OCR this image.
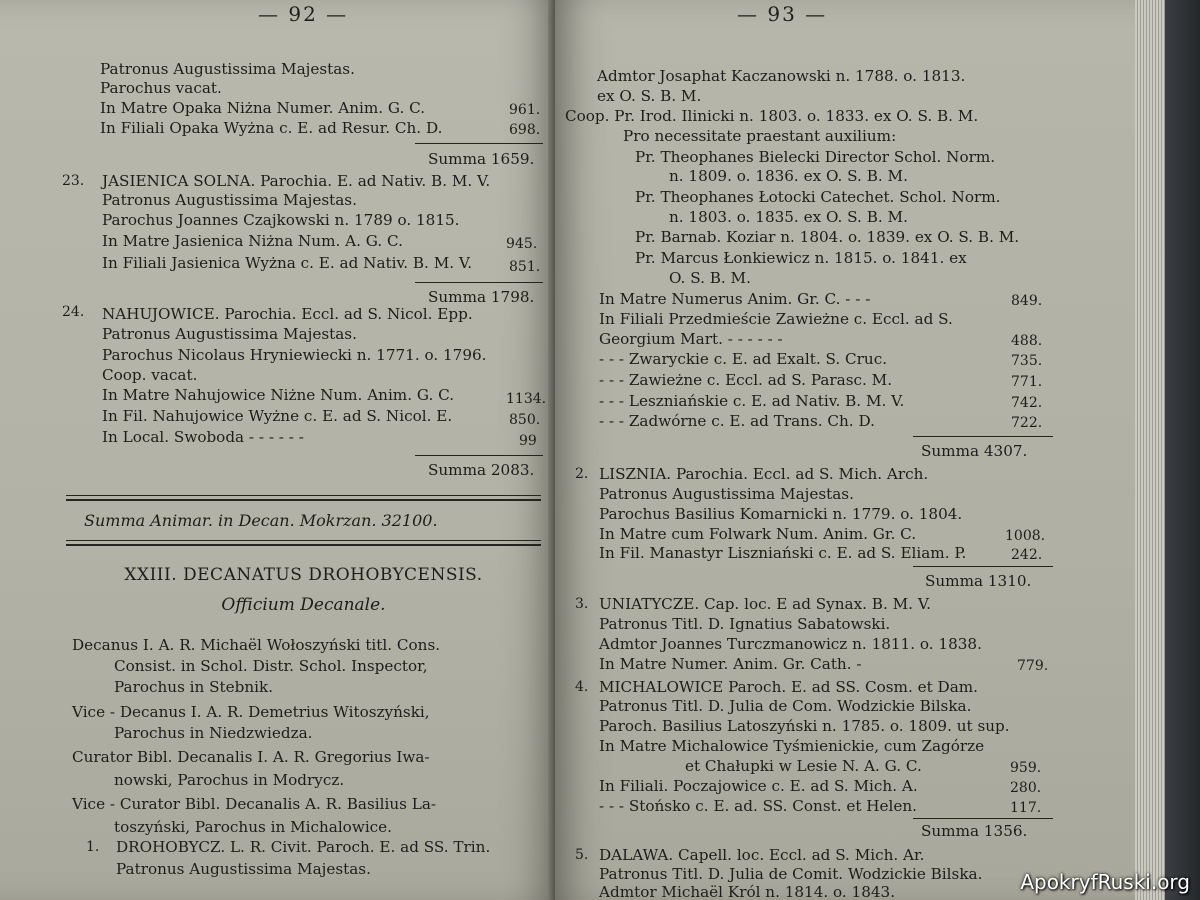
— 92 —
Patronus Augustissima Majestas.
Parochus vacat.
In Matre Opaka Niżna Numer. Anim. G. C.	961.
In Filiali Opaka Wyżna c. E. ad Resur. Ch. D.	698.
Summa 1659.
23. JASIENICA SOLNA. Parochia. E. ad Nativ. B. M. V.
Patronus Augustissima Majestas.
Parochus Joannes Czajkowski n. 1789 o. 1815.
In Matre Jasienica Niżna Num. A. G. C.	945.
In Filiali Jasienica Wyżna c. E. ad Nativ. B. M. V.	851.
Summa 1798.
24. NAHUJOWICE. Parochia. Eccl. ad S. Nicol. Epp.
Patronus Augustissima Majestas.
Parochus Nicolaus Hryniewiecki n. 1771. o. 1796.
Coop. vacat.
In Matre Nahujowice Niżne Num. Anim. G. C.	1134.
In Fil. Nahujowice Wyżne c. E. ad S. Nicol. E.	850.
In Local. Swoboda - - - - - -	99
Summa 2083.
Summa Animar. in Decan. Mokrzan. 32100.
XXIII. DECANATUS DROHOBYCENSIS.
Officium Decanale.
Decanus I. A. R. Michaël Wołoszyński titl. Cons.
Consist. in Schol. Distr. Schol. Inspector,
Parochus in Stebnik.
Vice - Decanus I. A. R. Demetrius Witoszyński,
Parochus in Niedzwiedza.
Curator Bibl. Decanalis I. A. R. Gregorius Iwa-
nowski, Parochus in Modrycz.
Vice - Curator Bibl. Decanalis A. R. Basilius La-
toszyński, Parochus in Michalowice.
1. DROHOBYCZ. L. R. Civit. Paroch. E. ad SS. Trin.
Patronus Augustissima Majestas.
— 93 —
Admtor Josaphat Kaczanowski n. 1788. o. 1813.
ex O. S. B. M.
Coop. Pr. Irod. Ilinicki n. 1803. o. 1833. ex O. S. B. M.
Pro necessitate praestant auxilium:
Pr. Theophanes Bielecki Director Schol. Norm.
n. 1809. o. 1836. ex O. S. B. M.
Pr. Theophanes Łotocki Catechet. Schol. Norm.
n. 1803. o. 1835. ex O. S. B. M.
Pr. Barnab. Koziar n. 1804. o. 1839. ex O. S. B. M.
Pr. Marcus Łonkiewicz n. 1815. o. 1841. ex
O. S. B. M.
In Matre Numerus Anim. Gr. C. - - -	849.
In Filiali Przedmieście Zawieżne c. Eccl. ad S.
Georgium Mart. - - - - - -	488.
- - - Zwaryckie c. E. ad Exalt. S. Cruc.	735.
- - - Zawieżne c. Eccl. ad S. Parasc. M.	771.
- - - Leszniańskie c. E. ad Nativ. B. M. V.	742.
- - - Zadwórne c. E. ad Trans. Ch. D.	722.
Summa 4307.
2. LISZNIA. Parochia. Eccl. ad S. Mich. Arch.
Patronus Augustissima Majestas.
Parochus Basilius Komarnicki n. 1779. o. 1804.
In Matre cum Folwark Num. Anim. Gr. C.	1008.
In Fil. Manastyr Liszniański c. E. ad S. Eliam. P.	242.
Summa 1310.
3. UNIATYCZE. Cap. loc. E ad Synax. B. M. V.
Patronus Titl. D. Ignatius Sabatowski.
Admtor Joannes Turczmanowicz n. 1811. o. 1838.
In Matre Numer. Anim. Gr. Cath. -	779.
4. MICHALOWICE Paroch. E. ad SS. Cosm. et Dam.
Patronus Titl. D. Julia de Com. Wodzickie Bilska.
Paroch. Basilius Latoszyński n. 1785. o. 1809. ut sup.
In Matre Michalowice Tyśmienickie, cum Zagórze
et Chałupki w Lesie N. A. G. C.	959.
In Filiali. Poczajowice c. E. ad S. Mich. A.	280.
- - - Stońsko c. E. ad. SS. Const. et Helen.	117.
Summa 1356.
5. DALAWA. Capell. loc. Eccl. ad S. Mich. Ar.
Patronus Titl. D. Julia de Comit. Wodzickie Bilska.
Admtor Michaël Król n. 1814. o. 1843.	ApokryfRuski.org
